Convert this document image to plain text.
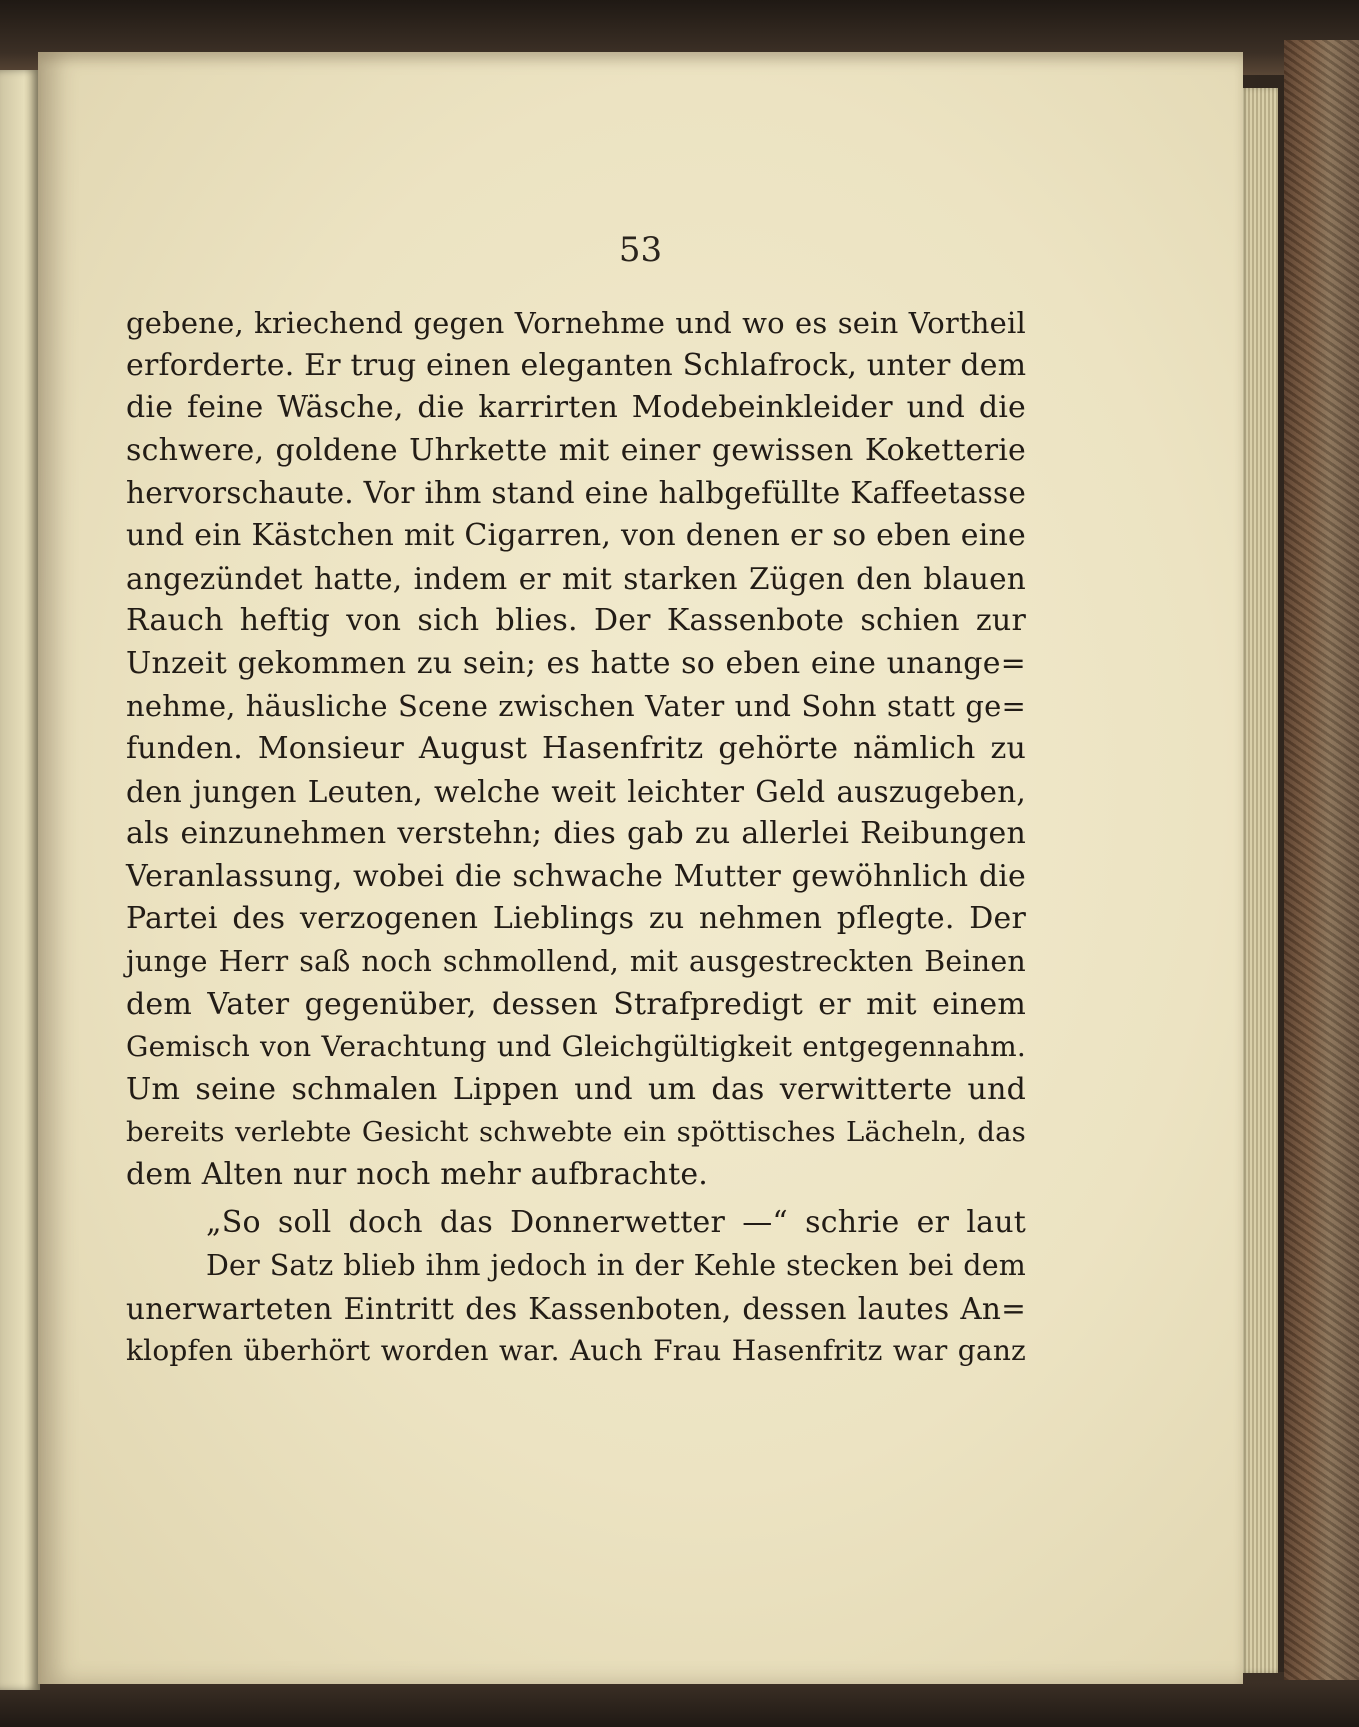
53
gebene, kriechend gegen Vornehme und wo es sein Vortheil
erforderte. Er trug einen eleganten Schlafrock, unter dem
die feine Wäsche, die karrirten Modebeinkleider und die
schwere, goldene Uhrkette mit einer gewissen Koketterie
hervorschaute. Vor ihm stand eine halbgefüllte Kaffeetasse
und ein Kästchen mit Cigarren, von denen er so eben eine
angezündet hatte, indem er mit starken Zügen den blauen
Rauch heftig von sich blies. Der Kassenbote schien zur
Unzeit gekommen zu sein; es hatte so eben eine unange=
nehme, häusliche Scene zwischen Vater und Sohn statt ge=
funden. Monsieur August Hasenfritz gehörte nämlich zu
den jungen Leuten, welche weit leichter Geld auszugeben,
als einzunehmen verstehn; dies gab zu allerlei Reibungen
Veranlassung, wobei die schwache Mutter gewöhnlich die
Partei des verzogenen Lieblings zu nehmen pflegte. Der
junge Herr saß noch schmollend, mit ausgestreckten Beinen
dem Vater gegenüber, dessen Strafpredigt er mit einem
Gemisch von Verachtung und Gleichgültigkeit entgegennahm.
Um seine schmalen Lippen und um das verwitterte und
bereits verlebte Gesicht schwebte ein spöttisches Lächeln, das
dem Alten nur noch mehr aufbrachte.
„So soll doch das Donnerwetter —“ schrie er laut
Der Satz blieb ihm jedoch in der Kehle stecken bei dem
unerwarteten Eintritt des Kassenboten, dessen lautes An=
klopfen überhört worden war. Auch Frau Hasenfritz war ganz
